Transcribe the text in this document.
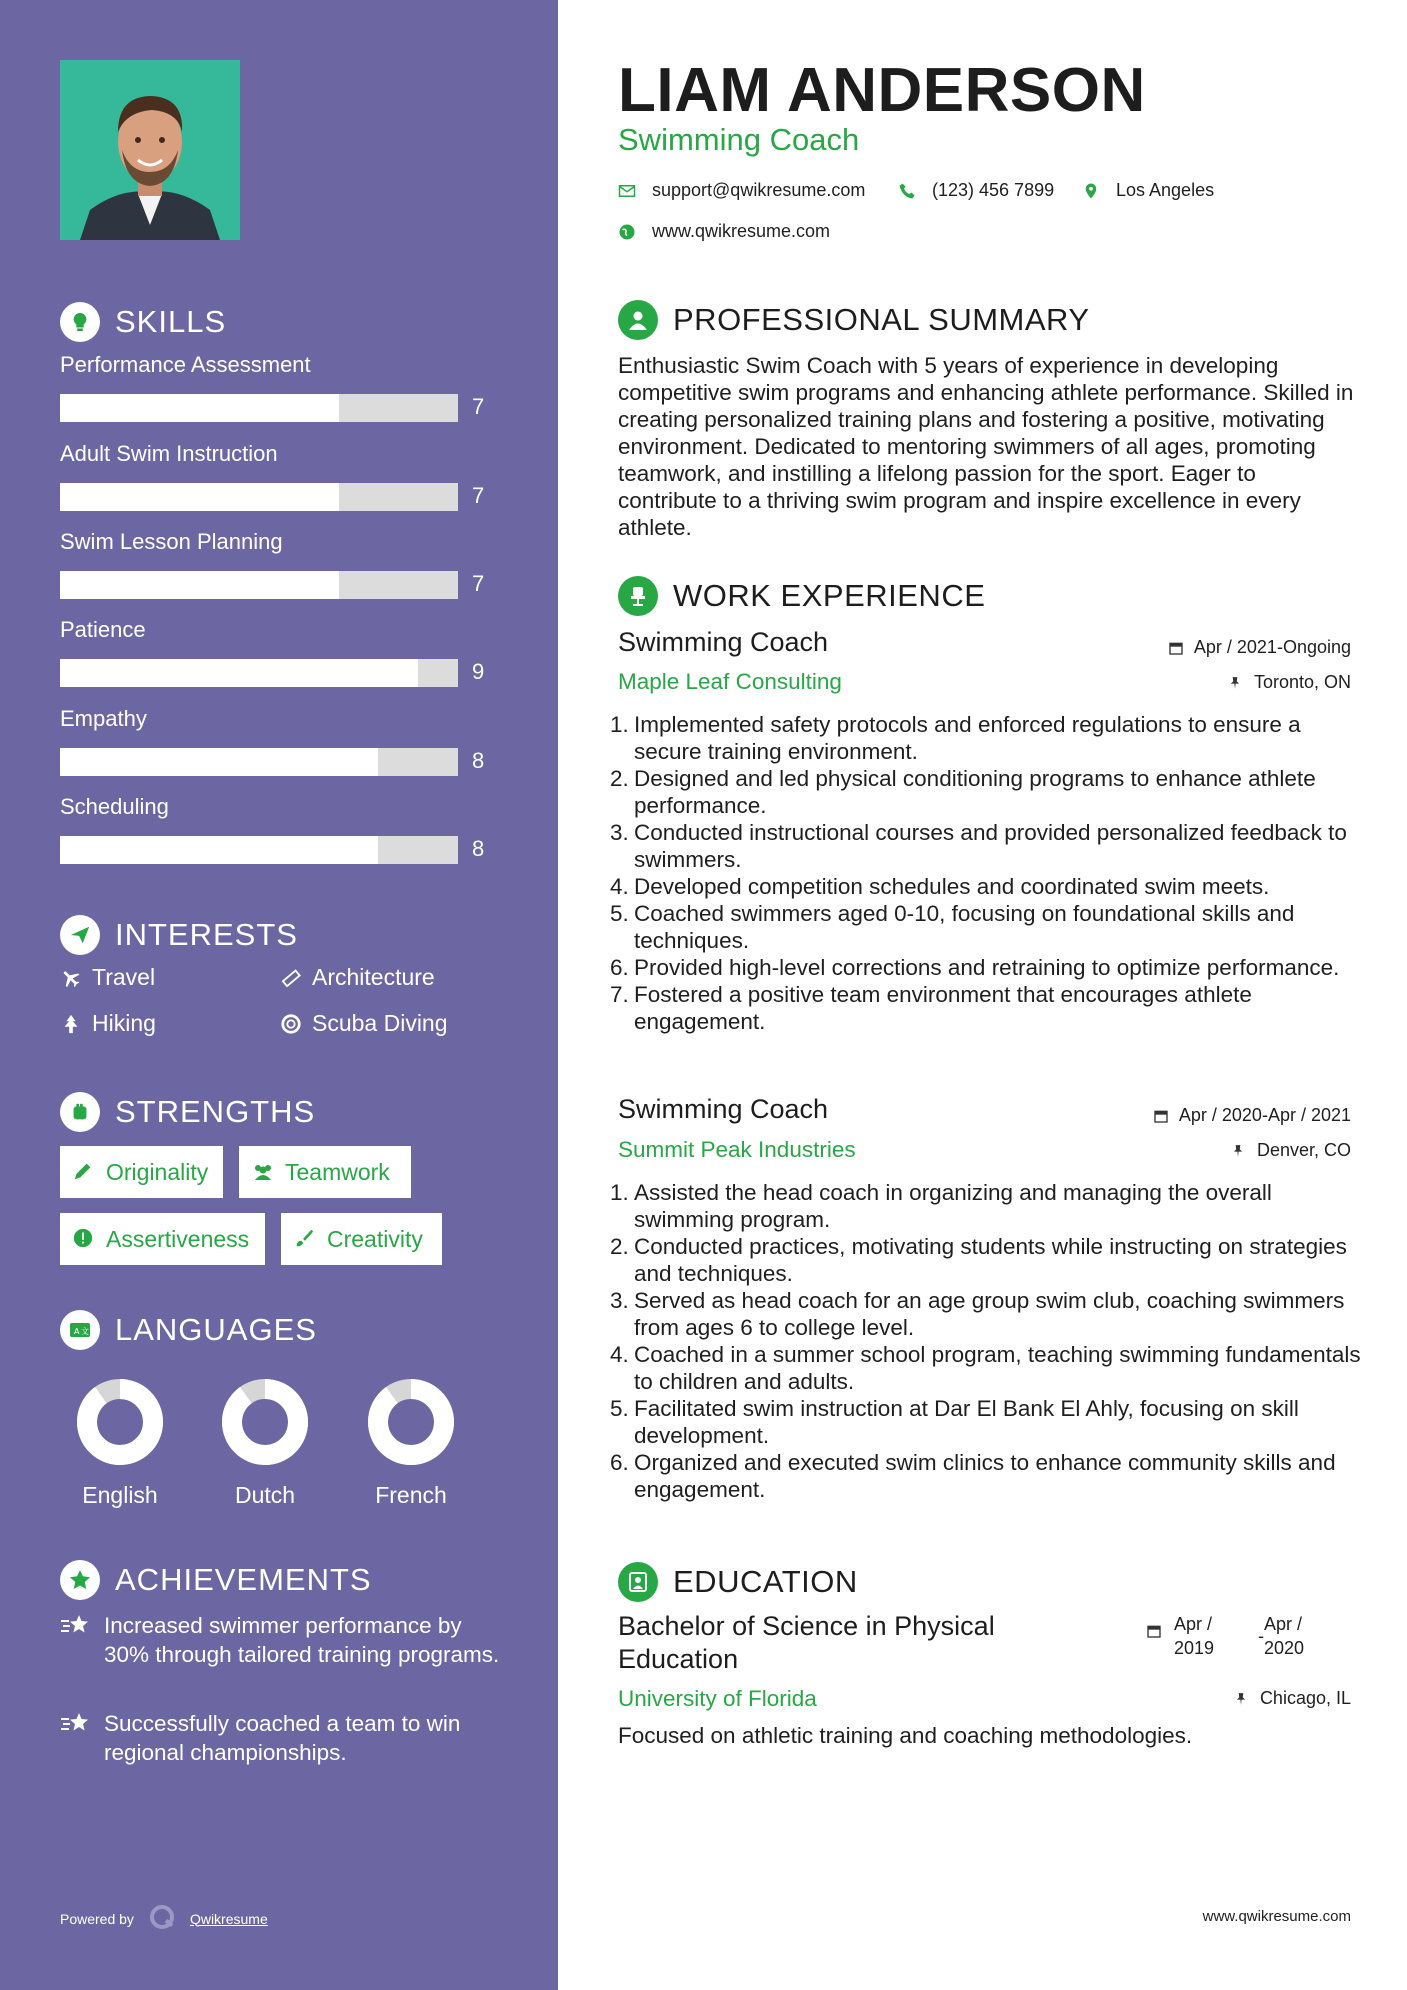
SKILLS
Performance Assessment
7
Adult Swim Instruction
7
Swim Lesson Planning
7
Patience
9
Empathy
8
Scheduling
8
INTERESTS
Travel	Architecture
Hiking	Scuba Diving
STRENGTHS
Originality	Teamwork
Assertiveness	Creativity
A 文 LANGUAGES
English	Dutch	French
ACHIEVEMENTS
Increased swimmer performance by 30% through tailored training programs.
Successfully coached a team to win regional championships.
Powered by	Qwikresume
LIAM ANDERSON
Swimming Coach
support@qwikresume.com	(123) 456 7899	Los Angeles
www.qwikresume.com
PROFESSIONAL SUMMARY
Enthusiastic Swim Coach with 5 years of experience in developing competitive swim programs and enhancing athlete performance. Skilled in creating personalized training plans and fostering a positive, motivating environment. Dedicated to mentoring swimmers of all ages, promoting teamwork, and instilling a lifelong passion for the sport. Eager to contribute to a thriving swim program and inspire excellence in every athlete.
WORK EXPERIENCE
Swimming Coach	Apr / 2021-Ongoing
Maple Leaf Consulting	Toronto, ON
1. Implemented safety protocols and enforced regulations to ensure a secure training environment.
2. Designed and led physical conditioning programs to enhance athlete performance.
3. Conducted instructional courses and provided personalized feedback to swimmers.
4. Developed competition schedules and coordinated swim meets.
5. Coached swimmers aged 0-10, focusing on foundational skills and techniques.
6. Provided high-level corrections and retraining to optimize performance.
7. Fostered a positive team environment that encourages athlete engagement.
Swimming Coach	Apr / 2020-Apr / 2021
Summit Peak Industries	Denver, CO
1. Assisted the head coach in organizing and managing the overall swimming program.
2. Conducted practices, motivating students while instructing on strategies and techniques.
3. Served as head coach for an age group swim club, coaching swimmers from ages 6 to college level.
4. Coached in a summer school program, teaching swimming fundamentals to children and adults.
5. Facilitated swim instruction at Dar El Bank El Ahly, focusing on skill development.
6. Organized and executed swim clinics to enhance community skills and engagement.
EDUCATION
Bachelor of Science in Physical Education
Apr / 2019
-
Apr / 2020
University of Florida	Chicago, IL
Focused on athletic training and coaching methodologies.
www.qwikresume.com
